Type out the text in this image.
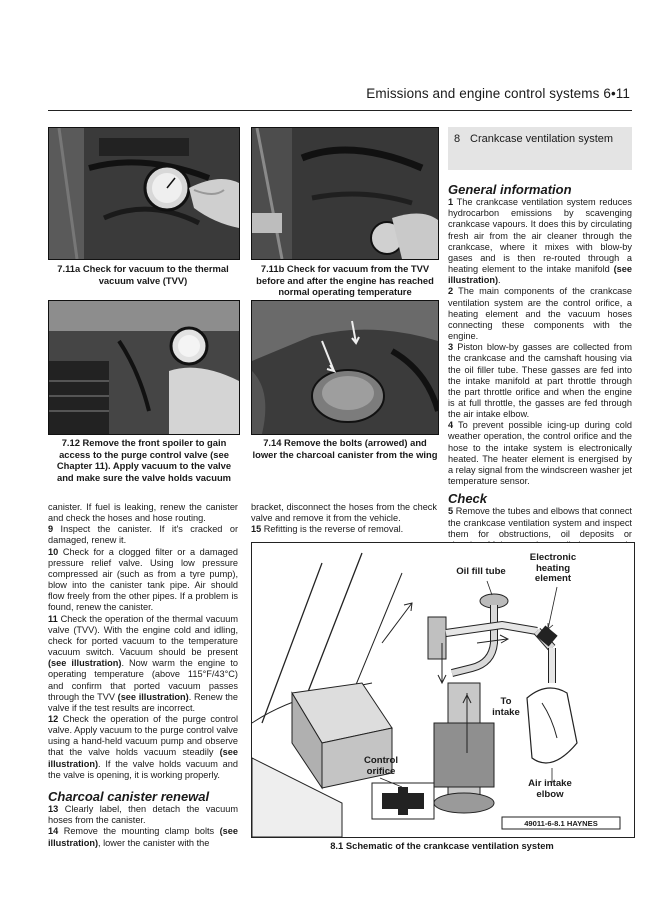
Emissions and engine control systems 6•11
7.11a Check for vacuum to the thermal vacuum valve (TVV)
7.11b Check for vacuum from the TVV before and after the engine has reached normal operating temperature
7.12 Remove the front spoiler to gain access to the purge control valve (see Chapter 11). Apply vacuum to the valve and make sure the valve holds vacuum
7.14 Remove the bolts (arrowed) and lower the charcoal canister from the wing
8 Crankcase ventilation system

General information

1 The crankcase ventilation system reduces hydrocarbon emissions by scavenging crankcase vapours. It does this by circulating fresh air from the air cleaner through the crankcase, where it mixes with blow-by gases and is then re-routed through a heating element to the intake manifold (see illustration).

2 The main components of the crankcase ventilation system are the control orifice, a heating element and the vacuum hoses connecting these components with the engine.

3 Piston blow-by gasses are collected from the crankcase and the camshaft housing via the oil filler tube. These gasses are fed into the intake manifold at part throttle through the part throttle orifice and when the engine is at full throttle, the gasses are fed through the air intake elbow.

4 To prevent possible icing-up during cold weather operation, the control orifice and the hose to the intake system is electronically heated. The heater element is energised by a relay signal from the windscreen washer jet temperature sensor.

Check

5 Remove the tubes and elbows that connect the crankcase ventilation system and inspect them for obstructions, oil deposits or

canister. If fuel is leaking, renew the canister and check the hoses and hose routing.

9 Inspect the canister. If it's cracked or damaged, renew it.

10 Check for a clogged filter or a damaged pressure relief valve. Using low pressure compressed air (such as from a tyre pump), blow into the canister tank pipe. Air should flow freely from the other pipes. If a problem is found, renew the canister.

11 Check the operation of the thermal vacuum valve (TVV). With the engine cold and idling, check for ported vacuum to the temperature vacuum switch. Vacuum should be present (see illustration). Now warm the engine to operating temperature (above 115°F/43°C) and confirm that ported vacuum passes through the TVV (see illustration). Renew the valve if the test results are incorrect.

12 Check the operation of the purge control valve. Apply vacuum to the purge control valve using a hand-held vacuum pump and observe that the valve holds vacuum steadily (see illustration). If the valve holds vacuum and the valve is opening, it is working properly.

Charcoal canister renewal

13 Clearly label, then detach the vacuum hoses from the canister.

14 Remove the mounting clamp bolts (see illustration), lower the canister with the

bracket, disconnect the hoses from the check valve and remove it from the vehicle.

15 Refitting is the reverse of removal.

Oil fill tube
Electronic heating element
To intake
Control orifice
Air intake elbow
49011-6-8.1 HAYNES
8.1 Schematic of the crankcase ventilation system
